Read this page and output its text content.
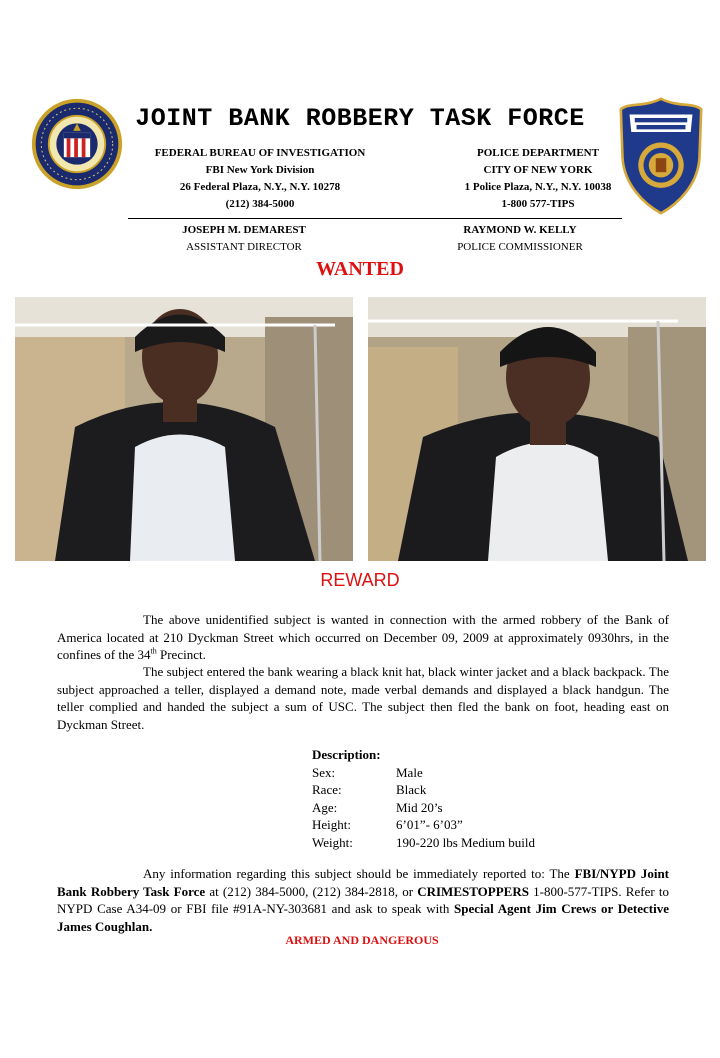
JOINT BANK ROBBERY TASK FORCE
FEDERAL BUREAU OF INVESTIGATION
FBI New York Division
26 Federal Plaza, N.Y., N.Y. 10278
(212) 384-5000
POLICE DEPARTMENT
CITY OF NEW YORK
1 Police Plaza, N.Y., N.Y. 10038
1-800 577-TIPS
JOSEPH M. DEMAREST
ASSISTANT DIRECTOR
RAYMOND W. KELLY
POLICE COMMISSIONER
WANTED
REWARD
The above unidentified subject is wanted in connection with the armed robbery of the Bank of America located at 210 Dyckman Street which occurred on December 09, 2009 at approximately 0930hrs, in the confines of the 34th Precinct.
The subject entered the bank wearing a black knit hat, black winter jacket and a black backpack. The subject approached a teller, displayed a demand note, made verbal demands and displayed a black handgun. The teller complied and handed the subject a sum of USC. The subject then fled the bank on foot, heading east on Dyckman Street.
Description:
Sex:	Male
Race:	Black
Age:	Mid 20’s
Height:	6’01”- 6’03”
Weight:	190-220 lbs Medium build
Any information regarding this subject should be immediately reported to: The FBI/NYPD Joint Bank Robbery Task Force at (212) 384-5000, (212) 384-2818, or CRIMESTOPPERS 1-800-577-TIPS. Refer to NYPD Case A34-09 or FBI file #91A-NY-303681 and ask to speak with Special Agent Jim Crews or Detective James Coughlan.
ARMED AND DANGEROUS
